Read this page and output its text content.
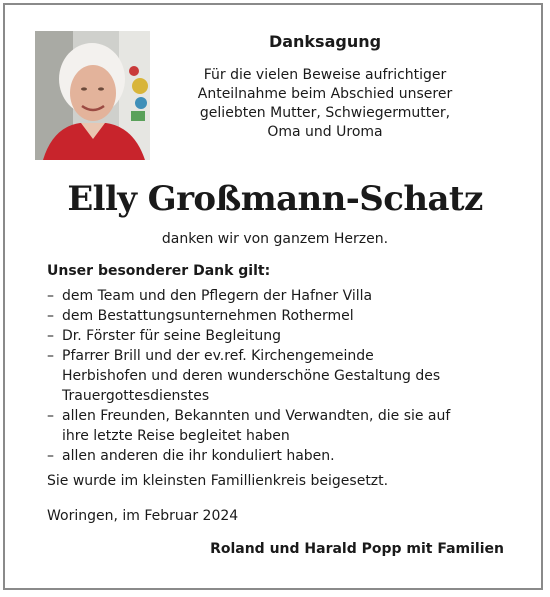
Danksagung
Für die vielen Beweise aufrichtiger
Anteilnahme beim Abschied unserer
geliebten Mutter, Schwiegermutter,
Oma und Uroma
Elly Großmann-Schatz
danken wir von ganzem Herzen.
Unser besonderer Dank gilt:
– dem Team und den Pflegern der Hafner Villa
– dem Bestattungsunternehmen Rothermel
– Dr. Förster für seine Begleitung
– Pfarrer Brill und der ev.ref. Kirchengemeinde
Herbishofen und deren wunderschöne Gestaltung des
Trauergottesdienstes
– allen Freunden, Bekannten und Verwandten, die sie auf
ihre letzte Reise begleitet haben
– allen anderen die ihr konduliert haben.
Sie wurde im kleinsten Famillienkreis beigesetzt.
Woringen, im Februar 2024
Roland und Harald Popp mit Familien
